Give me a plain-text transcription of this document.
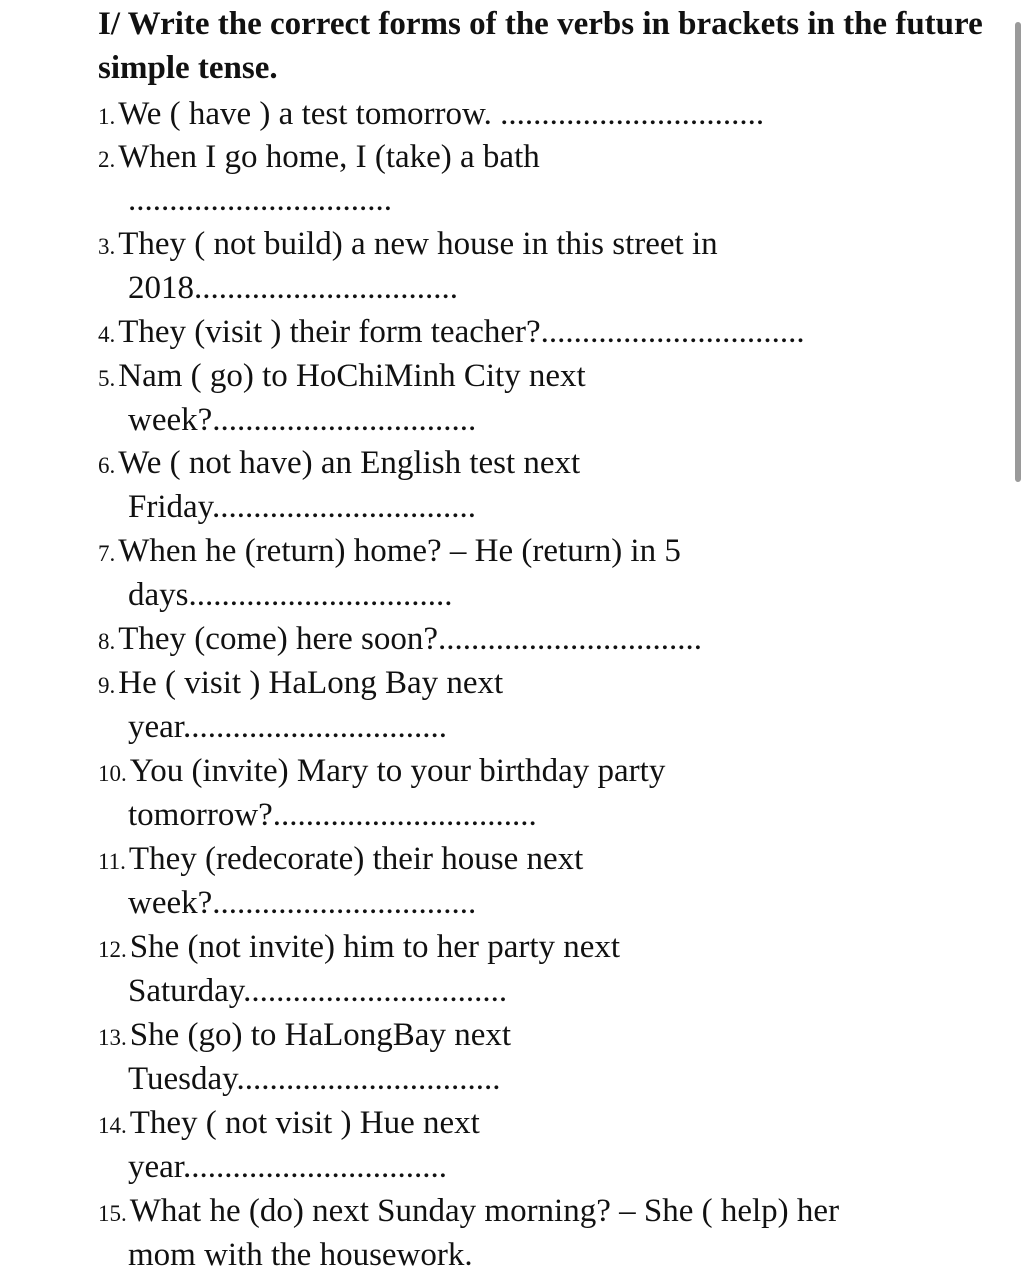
I/ Write the correct forms of the verbs in brackets in the future simple tense.
1.We ( have ) a test tomorrow. ................................
2.When I go home, I (take) a bath
................................
3.They ( not build) a new house in this street in
2018................................
4.They (visit ) their form teacher?................................
5.Nam ( go) to HoChiMinh City next
week?................................
6.We ( not have) an English test next
Friday................................
7.When he (return) home? – He (return) in 5
days................................
8.They (come) here soon?................................
9.He ( visit ) HaLong Bay next
year................................
10.You (invite) Mary to your birthday party
tomorrow?................................
11.They (redecorate) their house next
week?................................
12.She (not invite) him to her party next
Saturday................................
13.She (go) to HaLongBay next
Tuesday................................
14.They ( not visit ) Hue next
year................................
15.What he (do) next Sunday morning? – She ( help) her
mom with the housework.
